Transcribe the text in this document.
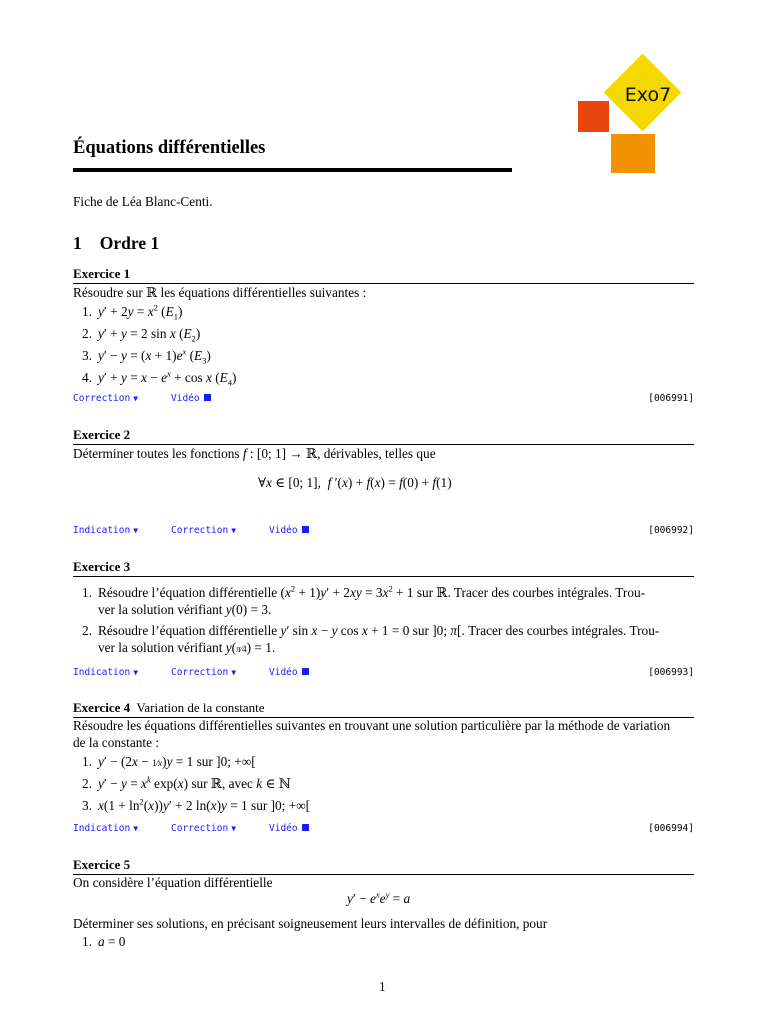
Exo7
Équations différentielles
Fiche de Léa Blanc-Centi.
1 Ordre 1
Exercice 1
Résoudre sur ℝ les équations différentielles suivantes :
1. $y' + 2y = x^2$ $(E_1)$
2. y′ + y = 2 sin x $(E_2)$
3. $y' - y = (x + 1)e^x$ $(E_3)$
4. $y' + y = x - e^x + \cos x$ $(E_4)$
Correction ▼	Vidéo	[006991]
Exercice 2
Déterminer toutes les fonctions f : [0; 1] → ℝ, dérivables, telles que
∀x ∈ [0; 1],  f ′(x) + f(x) = f(0) + f(1)
Indication ▼	Correction ▼	Vidéo	[006992]
Exercice 3
1. Résoudre l’équation différentielle $(x^2 + 1)y' + 2xy = 3x^2 + 1$ sur ℝ. Tracer des courbes intégrales. Trou-
ver la solution vérifiant y(0) = 3.
2. Résoudre l’équation différentielle y′ sin x − y cos x + 1 = 0 sur ]0; π[. Tracer des courbes intégrales. Trou-
ver la solution vérifiant y(π⁄4) = 1.
Indication ▼	Correction ▼	Vidéo	[006993]
Exercice 4 Variation de la constante
Résoudre les équations différentielles suivantes en trouvant une solution particulière par la méthode de variation
de la constante :
1. y′ − (2x − 1⁄x)y = 1 sur ]0; +∞[
2. $y' - y = x^k$ exp(x) sur ℝ, avec k ∈ ℕ
3. $x(1 + \ln^2(x))y' + 2$ ln(x)y = 1 sur ]0; +∞[
Indication ▼	Correction ▼	Vidéo	[006994]
Exercice 5
On considère l’équation différentielle
$y' - e^xe^y = a$
Déterminer ses solutions, en précisant soigneusement leurs intervalles de définition, pour
1. a = 0
1
